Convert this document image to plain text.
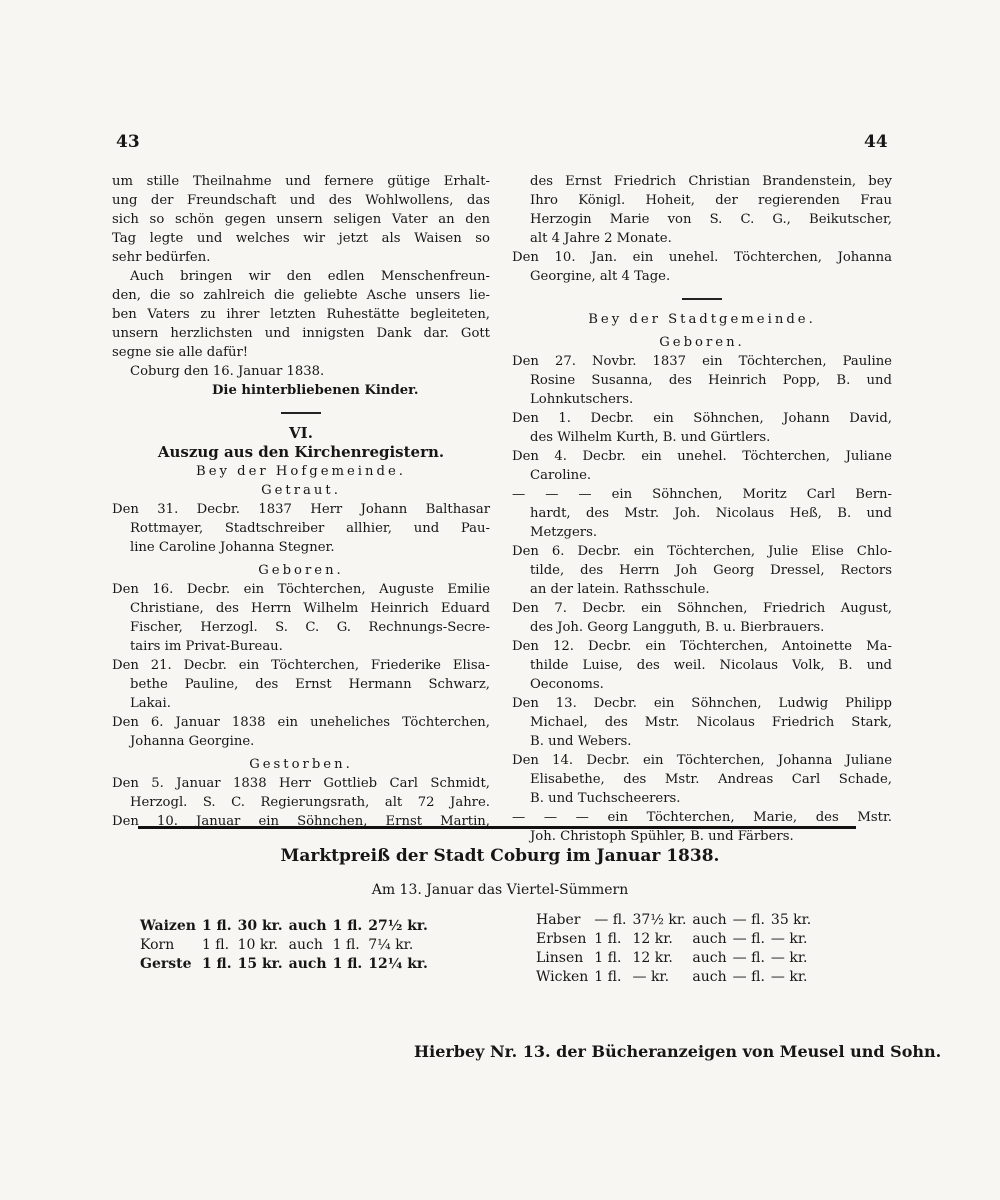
43	44

um stille Theilnahme und fernere gütige Erhalt-

ung der Freundschaft und des Wohlwollens, das

sich so schön gegen unsern seligen Vater an den

Tag legte und welches wir jetzt als Waisen so

sehr bedürfen.

Auch bringen wir den edlen Menschenfreun-

den, die so zahlreich die geliebte Asche unsers lie-

ben Vaters zu ihrer letzten Ruhestätte begleiteten,

unsern herzlichsten und innigsten Dank dar. Gott

segne sie alle dafür!

Coburg den 16. Januar 1838.

Die hinterbliebenen Kinder.

VI.

Auszug aus den Kirchenregistern.

Bey der Hofgemeinde.

Getraut.

Den 31. Decbr. 1837 Herr Johann Balthasar

Rottmayer, Stadtschreiber allhier, und Pau-

line Caroline Johanna Stegner.

Geboren.

Den 16. Decbr. ein Töchterchen, Auguste Emilie

Christiane, des Herrn Wilhelm Heinrich Eduard

Fischer, Herzogl. S. C. G. Rechnungs-Secre-

tairs im Privat-Bureau.

Den 21. Decbr. ein Töchterchen, Friederike Elisa-

bethe Pauline, des Ernst Hermann Schwarz,

Lakai.

Den 6. Januar 1838 ein uneheliches Töchterchen,

Johanna Georgine.

Gestorben.

Den 5. Januar 1838 Herr Gottlieb Carl Schmidt,

Herzogl. S. C. Regierungsrath, alt 72 Jahre.

Den 10. Januar ein Söhnchen, Ernst Martin,

des Ernst Friedrich Christian Brandenstein, bey

Ihro Königl. Hoheit, der regierenden Frau

Herzogin Marie von S. C. G., Beikutscher,

alt 4 Jahre 2 Monate.

Den 10. Jan. ein unehel. Töchterchen, Johanna

Georgine, alt 4 Tage.

Bey der Stadtgemeinde.

Geboren.

Den 27. Novbr. 1837 ein Töchterchen, Pauline

Rosine Susanna, des Heinrich Popp, B. und

Lohnkutschers.

Den 1. Decbr. ein Söhnchen, Johann David,

des Wilhelm Kurth, B. und Gürtlers.

Den 4. Decbr. ein unehel. Töchterchen, Juliane

Caroline.

— — — ein Söhnchen, Moritz Carl Bern-

hardt, des Mstr. Joh. Nicolaus Heß, B. und

Metzgers.

Den 6. Decbr. ein Töchterchen, Julie Elise Chlo-

tilde, des Herrn Joh Georg Dressel, Rectors

an der latein. Rathsschule.

Den 7. Decbr. ein Söhnchen, Friedrich August,

des Joh. Georg Langguth, B. u. Bierbrauers.

Den 12. Decbr. ein Töchterchen, Antoinette Ma-

thilde Luise, des weil. Nicolaus Volk, B. und

Oeconoms.

Den 13. Decbr. ein Söhnchen, Ludwig Philipp

Michael, des Mstr. Nicolaus Friedrich Stark,

B. und Webers.

Den 14. Decbr. ein Töchterchen, Johanna Juliane

Elisabethe, des Mstr. Andreas Carl Schade,

B. und Tuchscheerers.

— — — ein Töchterchen, Marie, des Mstr.

Joh. Christoph Spühler, B. und Färbers.

Marktpreiß der Stadt Coburg im Januar 1838.
Am 13. Januar das Viertel-Sümmern
Waizen	1 fl.	30 kr.	auch	1 fl.	27½ kr.
Korn	1 fl.	10 kr.	auch	1 fl.	7¼ kr.
Gerste	1 fl.	15 kr.	auch	1 fl.	12¼ kr.
Haber	— fl.	37½ kr.	auch	— fl.	35 kr.
Erbsen	1 fl.	12 kr.	auch	— fl.	— kr.
Linsen	1 fl.	12 kr.	auch	— fl.	— kr.
Wicken	1 fl.	— kr.	auch	— fl.	— kr.
Hierbey Nr. 13. der Bücheranzeigen von Meusel und Sohn.
